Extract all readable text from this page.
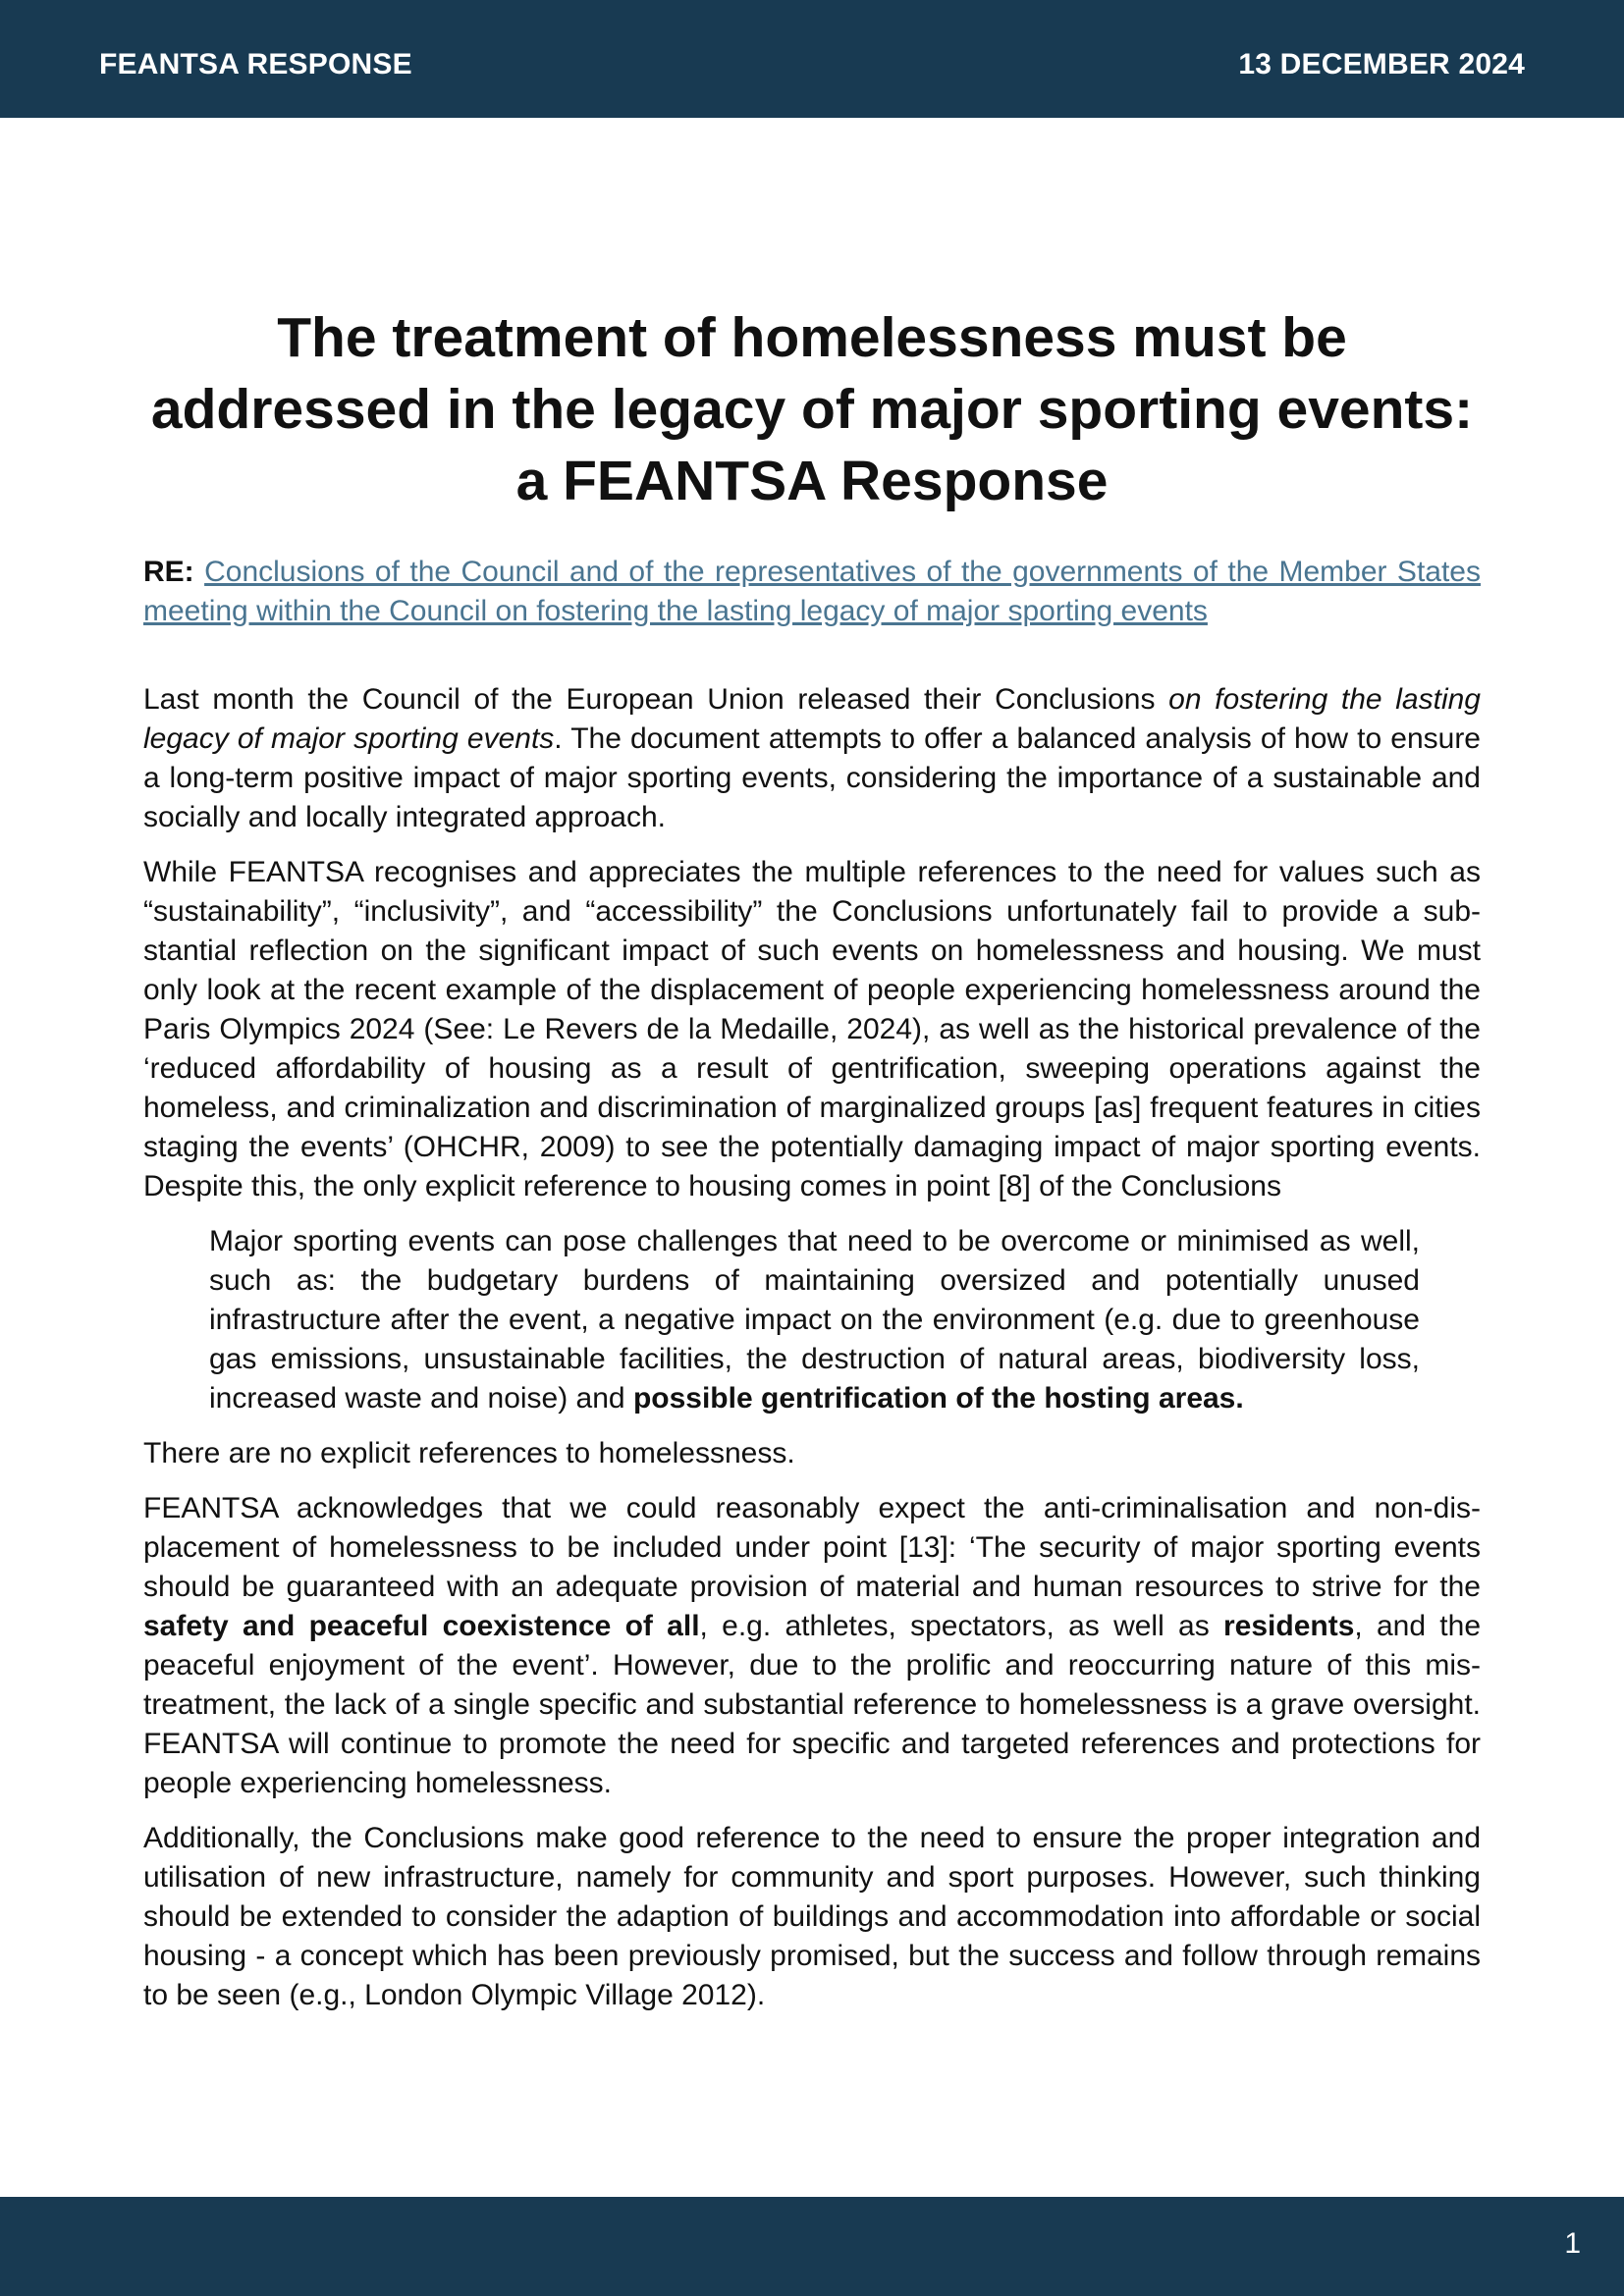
FEANTSA RESPONSE	13 DECEMBER 2024
The treatment of homelessness must be addressed in the legacy of major sporting events: a FEANTSA Response
RE: Conclusions of the Council and of the representatives of the governments of the Member States meeting within the Council on fostering the lasting legacy of major sporting events

Last month the Council of the European Union released their Conclusions on fostering the lasting legacy of major sporting events. The document attempts to offer a balanced analysis of how to ensure a long-term positive impact of major sporting events, considering the importance of a sustainable and socially and locally integrated approach.

While FEANTSA recognises and appreciates the multiple references to the need for values such as “sustainability”, “inclusivity”, and “accessibility” the Conclusions unfortunately fail to provide a substantial reflection on the significant impact of such events on homelessness and housing. We must only look at the recent example of the displacement of people experiencing homelessness around the Paris Olympics 2024 (See: Le Revers de la Medaille, 2024), as well as the historical prevalence of the ‘reduced affordability of housing as a result of gentrification, sweeping operations against the homeless, and criminalization and discrimination of marginalized groups [as] frequent features in cities staging the events’ (OHCHR, 2009) to see the potentially damaging impact of major sporting events. Despite this, the only explicit reference to housing comes in point [8] of the Conclusions

Major sporting events can pose challenges that need to be overcome or minimised as well, such as: the budgetary burdens of maintaining oversized and potentially unused infrastructure after the event, a negative impact on the environment (e.g. due to greenhouse gas emissions, unsustainable facilities, the destruction of natural areas, biodiversity loss, increased waste and noise) and possible gentrification of the hosting areas.

There are no explicit references to homelessness.

FEANTSA acknowledges that we could reasonably expect the anti-criminalisation and non-displacement of homelessness to be included under point [13]: ‘The security of major sporting events should be guaranteed with an adequate provision of material and human resources to strive for the safety and peaceful coexistence of all, e.g. athletes, spectators, as well as residents, and the peaceful enjoyment of the event’. However, due to the prolific and reoccurring nature of this mistreatment, the lack of a single specific and substantial reference to homelessness is a grave oversight. FEANTSA will continue to promote the need for specific and targeted references and protections for people experiencing homelessness.

Additionally, the Conclusions make good reference to the need to ensure the proper integration and utilisation of new infrastructure, namely for community and sport purposes. However, such thinking should be extended to consider the adaption of buildings and accommodation into affordable or social housing - a concept which has been previously promised, but the success and follow through remains to be seen (e.g., London Olympic Village 2012).

1
